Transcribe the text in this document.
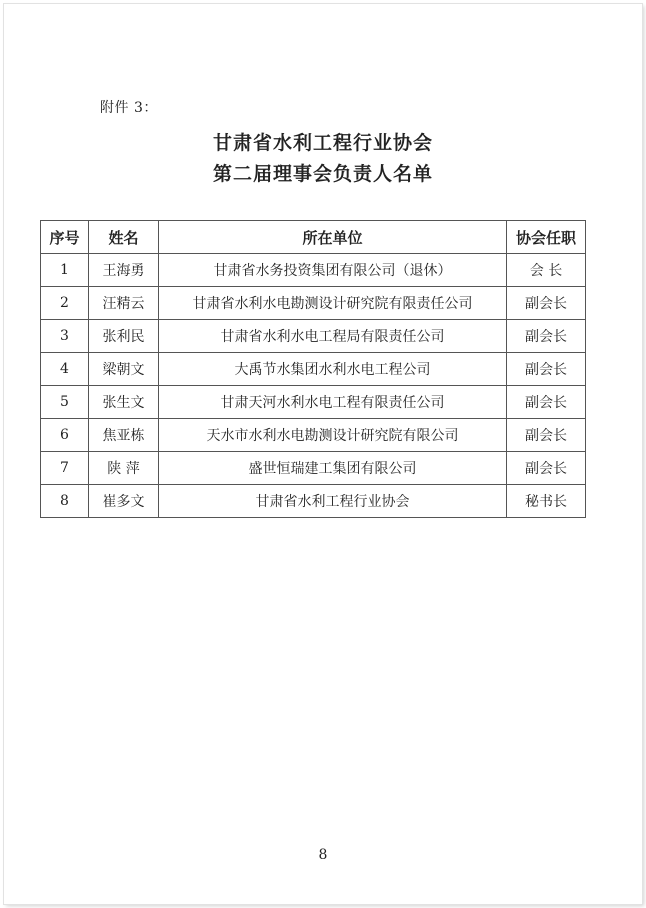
附件 3：
甘肃省水利工程行业协会
第二届理事会负责人名单
序号	姓名	所在单位	协会任职
1	王海勇	甘肃省水务投资集团有限公司（退休）	会 长
2	汪精云	甘肃省水利水电勘测设计研究院有限责任公司	副会长
3	张利民	甘肃省水利水电工程局有限责任公司	副会长
4	梁朝文	大禹节水集团水利水电工程公司	副会长
5	张生文	甘肃天河水利水电工程有限责任公司	副会长
6	焦亚栋	天水市水利水电勘测设计研究院有限公司	副会长
7	陕 萍	盛世恒瑞建工集团有限公司	副会长
8	崔多文	甘肃省水利工程行业协会	秘书长
8
